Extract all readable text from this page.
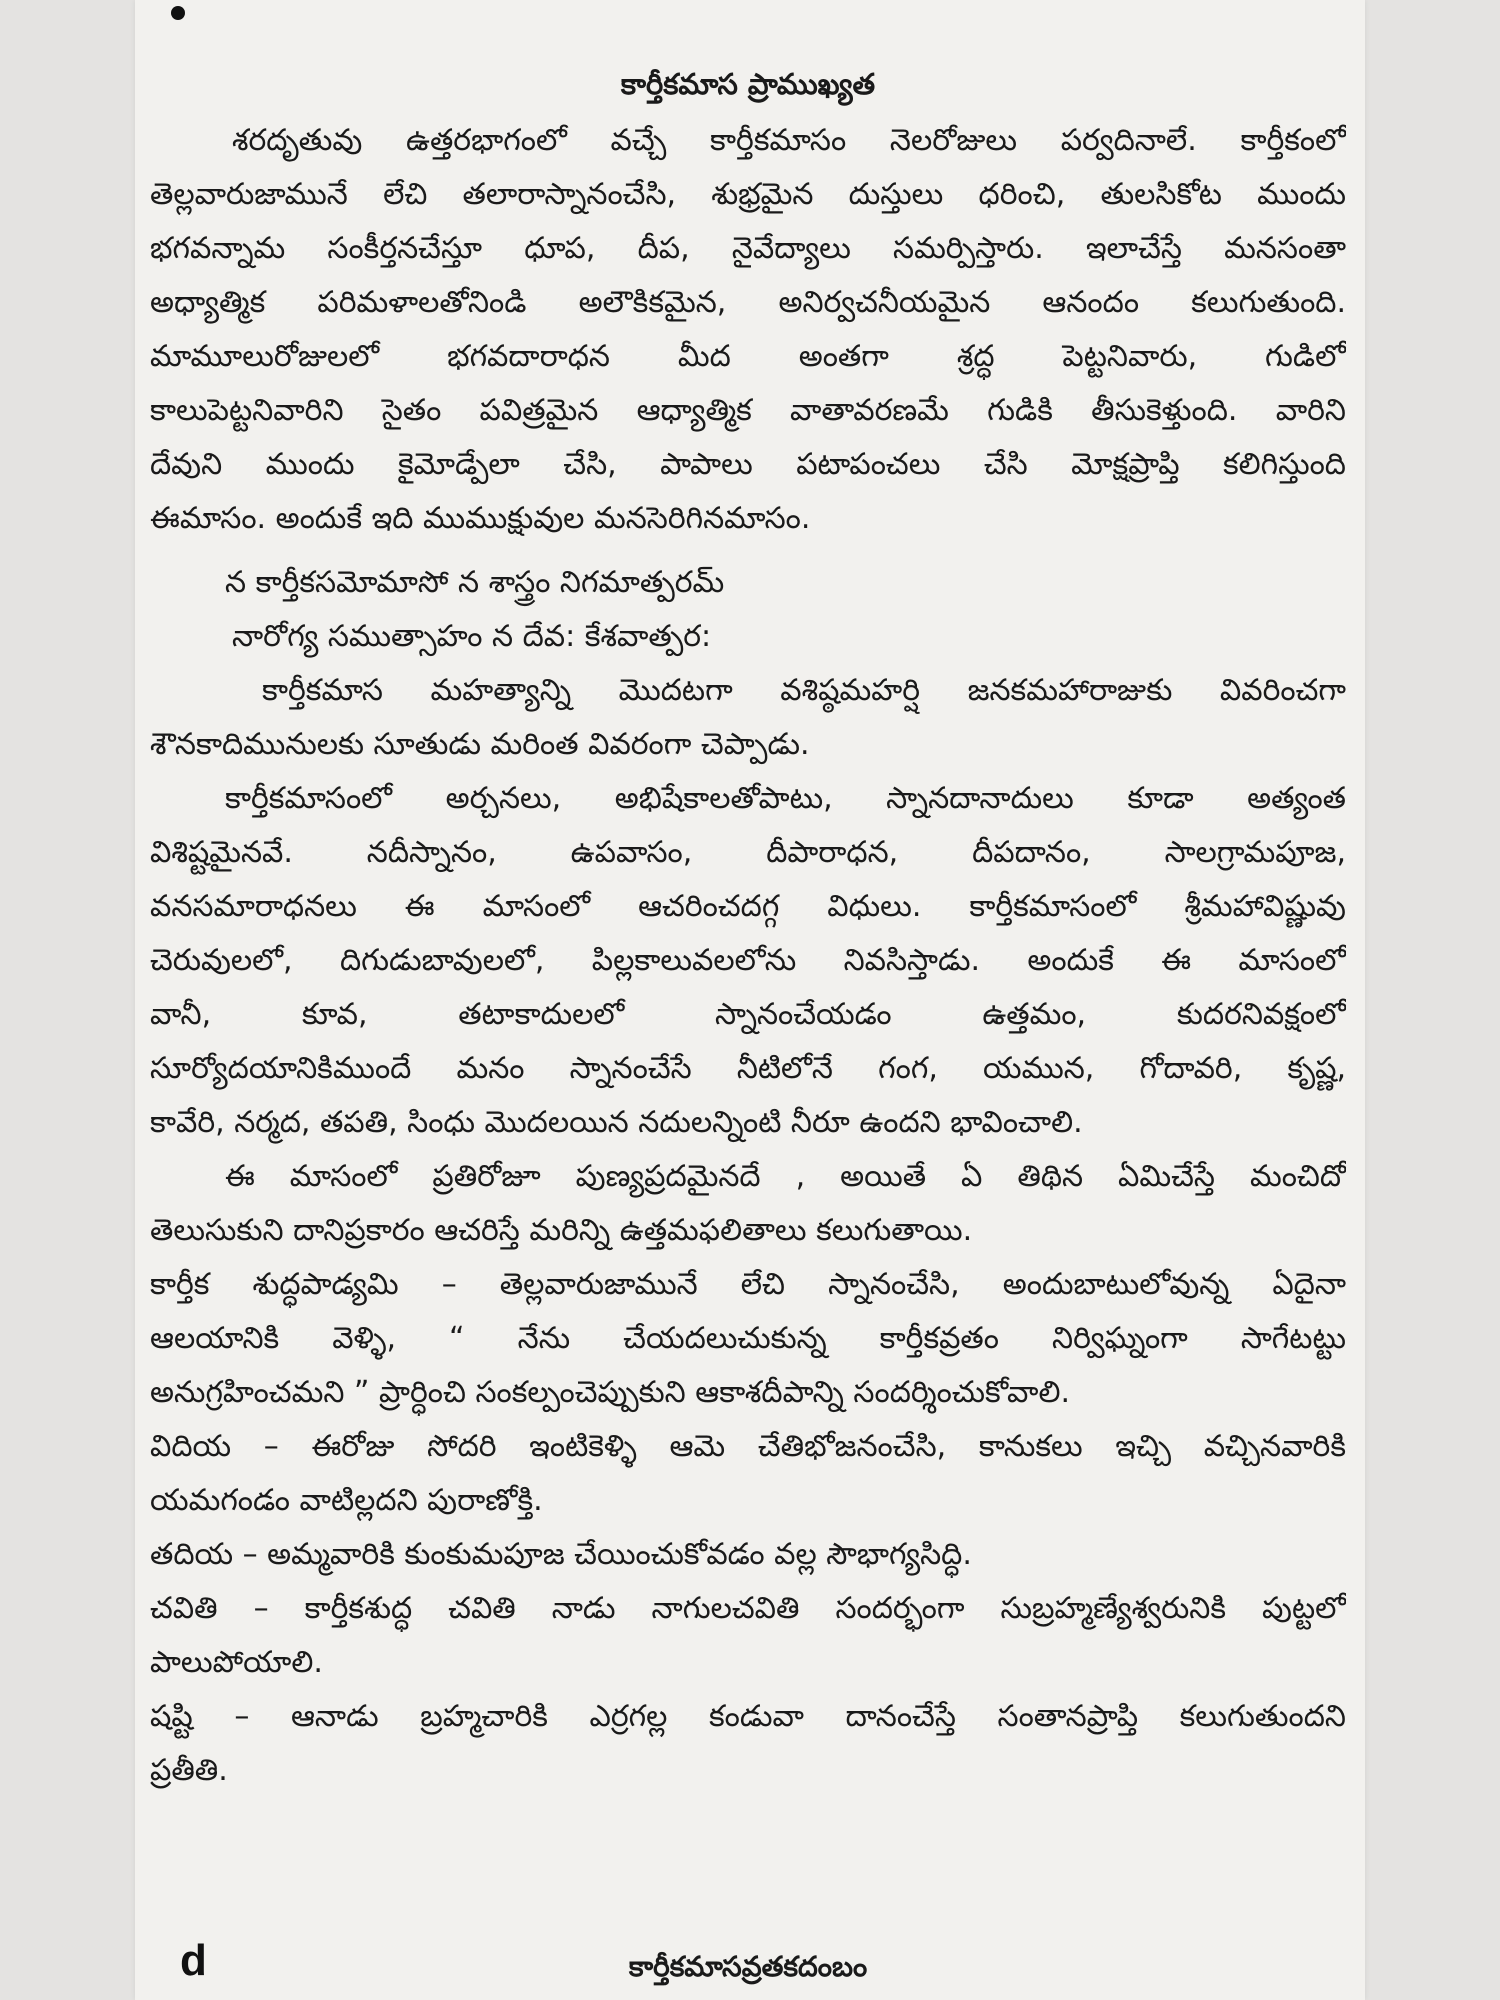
కార్తీకమాస ప్రాముఖ్యత
శరదృతువు ఉత్తరభాగంలో వచ్చే కార్తీకమాసం నెలరోజులు పర్వదినాలే. కార్తీకంలో
తెల్లవారుజామునే లేచి తలారాస్నానంచేసి, శుభ్రమైన దుస్తులు ధరించి, తులసికోట ముందు
భగవన్నామ సంకీర్తనచేస్తూ ధూప, దీప, నైవేద్యాలు సమర్పిస్తారు. ఇలాచేస్తే మనసంతా
అధ్యాత్మిక పరిమళాలతోనిండి అలౌకికమైన, అనిర్వచనీయమైన ఆనందం కలుగుతుంది.
మామూలురోజులలో భగవదారాధన మీద అంతగా శ్రద్ధ పెట్టనివారు, గుడిలో
కాలుపెట్టనివారిని సైతం పవిత్రమైన ఆధ్యాత్మిక వాతావరణమే గుడికి తీసుకెళ్తుంది. వారిని
దేవుని ముందు కైమోడ్పేలా చేసి, పాపాలు పటాపంచలు చేసి మోక్షప్రాప్తి కలిగిస్తుంది
ఈమాసం. అందుకే ఇది ముముక్షువుల మనసెరిగినమాసం.
న కార్తీకసమోమాసో న శాస్త్రం నిగమాత్పరమ్
నారోగ్య సముత్సాహం న దేవ: కేశవాత్పర:
కార్తీకమాస మహత్యాన్ని మొదటగా వశిష్ఠమహర్షి జనకమహారాజుకు వివరించగా
శౌనకాదిమునులకు సూతుడు మరింత వివరంగా చెప్పాడు.
కార్తీకమాసంలో అర్చనలు, అభిషేకాలతోపాటు, స్నానదానాదులు కూడా అత్యంత
విశిష్టమైనవే. నదీస్నానం, ఉపవాసం, దీపారాధన, దీపదానం, సాలగ్రామపూజ,
వనసమారాధనలు ఈ మాసంలో ఆచరించదగ్గ విధులు. కార్తీకమాసంలో శ్రీమహావిష్ణువు
చెరువులలో, దిగుడుబావులలో, పిల్లకాలువలలోను నివసిస్తాడు. అందుకే ఈ మాసంలో
వానీ, కూవ, తటాకాదులలో స్నానంచేయడం ఉత్తమం, కుదరనివక్షంలో
సూర్యోదయానికిముందే మనం స్నానంచేసే నీటిలోనే గంగ, యమున, గోదావరి, కృష్ణ,
కావేరి, నర్మద, తపతి, సింధు మొదలయిన నదులన్నింటి నీరూ ఉందని భావించాలి.
ఈ మాసంలో ప్రతిరోజూ పుణ్యప్రదమైనదే , అయితే ఏ తిథిన ఏమిచేస్తే మంచిదో
తెలుసుకుని దానిప్రకారం ఆచరిస్తే మరిన్ని ఉత్తమఫలితాలు కలుగుతాయి.
కార్తీక శుద్ధపాడ్యమి – తెల్లవారుజామునే లేచి స్నానంచేసి, అందుబాటులోవున్న ఏదైనా
ఆలయానికి వెళ్ళి, “ నేను చేయదలుచుకున్న కార్తీకవ్రతం నిర్విఘ్నంగా సాగేటట్టు
అనుగ్రహించమని ” ప్రార్ధించి సంకల్పంచెప్పుకుని ఆకాశదీపాన్ని సందర్శించుకోవాలి.
విదియ – ఈరోజు సోదరి ఇంటికెళ్ళి ఆమె చేతిభోజనంచేసి, కానుకలు ఇచ్చి వచ్చినవారికి
యమగండం వాటిల్లదని పురాణోక్తి.
తదియ – అమ్మవారికి కుంకుమపూజ చేయించుకోవడం వల్ల సౌభాగ్యసిద్ధి.
చవితి – కార్తీకశుద్ధ చవితి నాడు నాగులచవితి సందర్భంగా సుబ్రహ్మణ్యేశ్వరునికి పుట్టలో
పాలుపోయాలి.
షష్టి – ఆనాడు బ్రహ్మచారికి ఎర్రగల్ల కండువా దానంచేస్తే సంతానప్రాప్తి కలుగుతుందని
ప్రతీతి.
d	కార్తీకమాసవ్రతకదంబం
